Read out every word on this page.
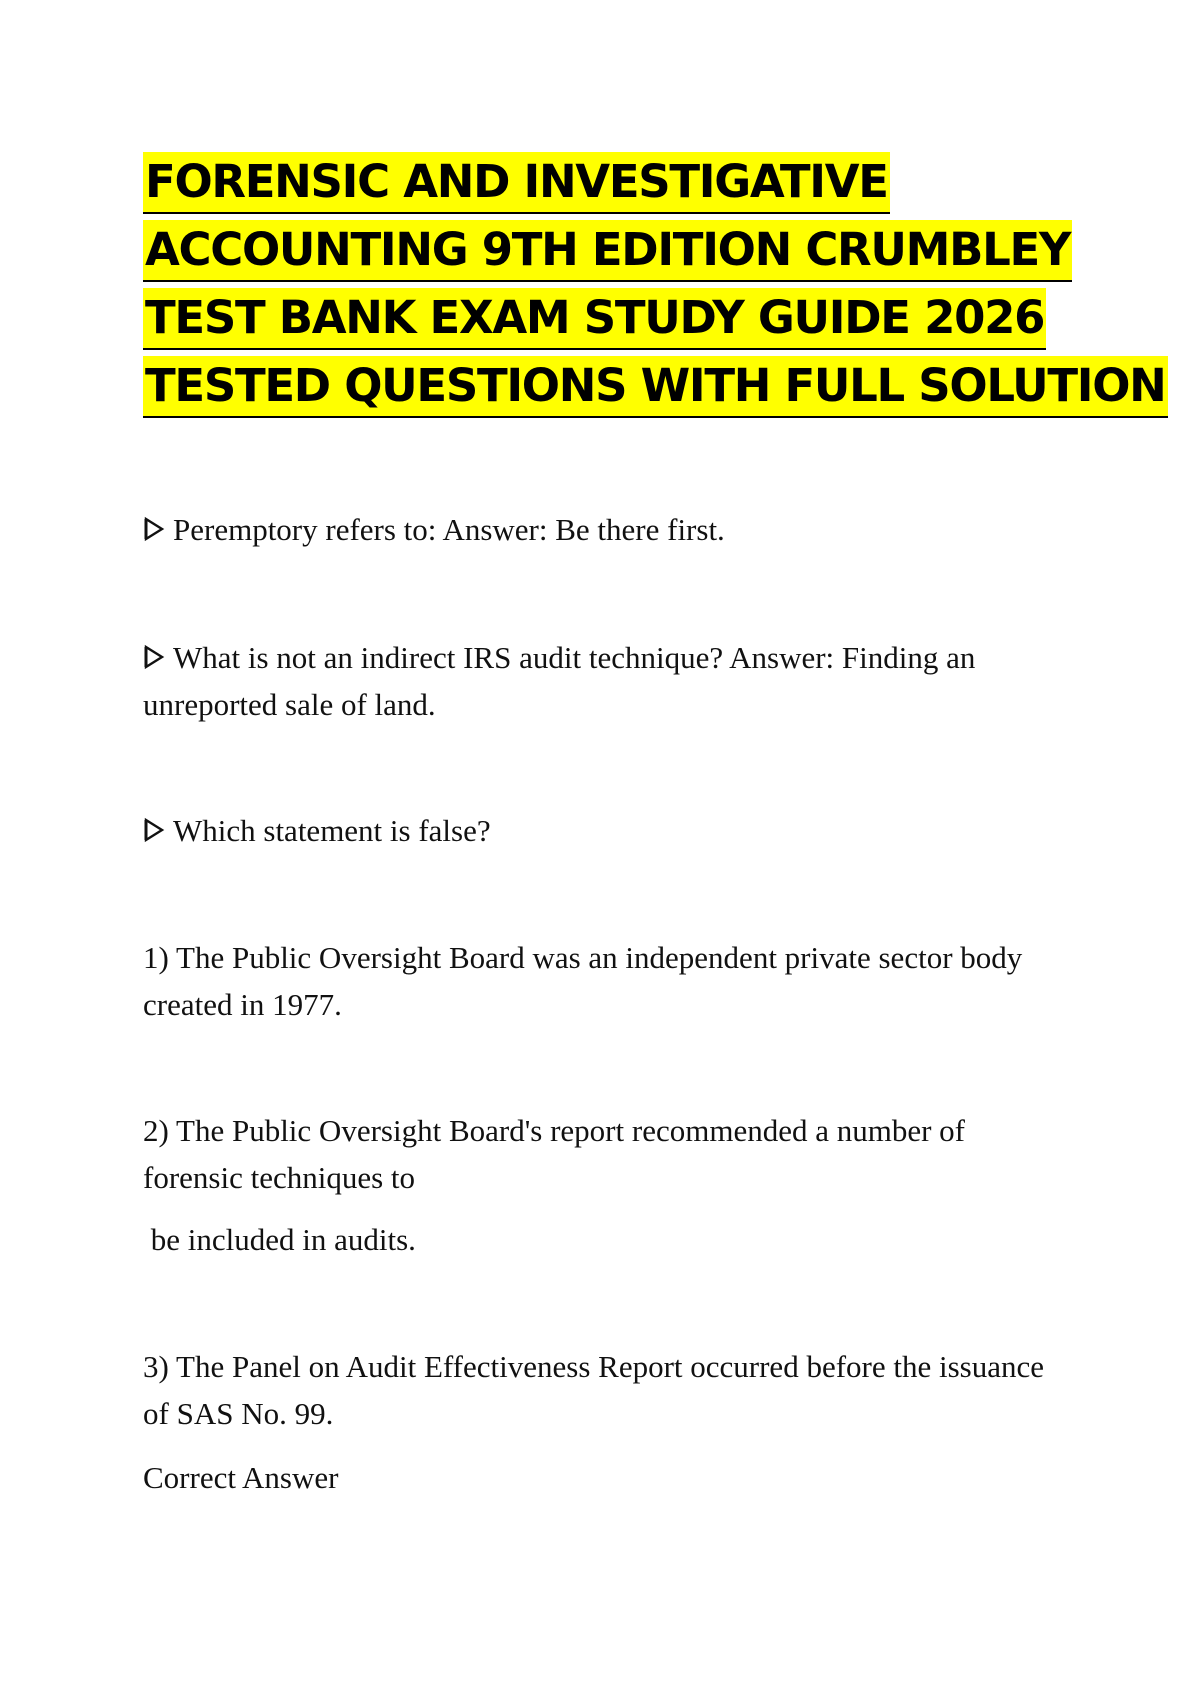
FORENSIC AND INVESTIGATIVE
ACCOUNTING 9TH EDITION CRUMBLEY
TEST BANK EXAM STUDY GUIDE 2026
TESTED QUESTIONS WITH FULL SOLUTION
Peremptory refers to: Answer: Be there first.
What is not an indirect IRS audit technique? Answer: Finding an
unreported sale of land.
Which statement is false?
1) The Public Oversight Board was an independent private sector body
created in 1977.
2) The Public Oversight Board's report recommended a number of
forensic techniques to
be included in audits.
3) The Panel on Audit Effectiveness Report occurred before the issuance
of SAS No. 99.
Correct Answer
